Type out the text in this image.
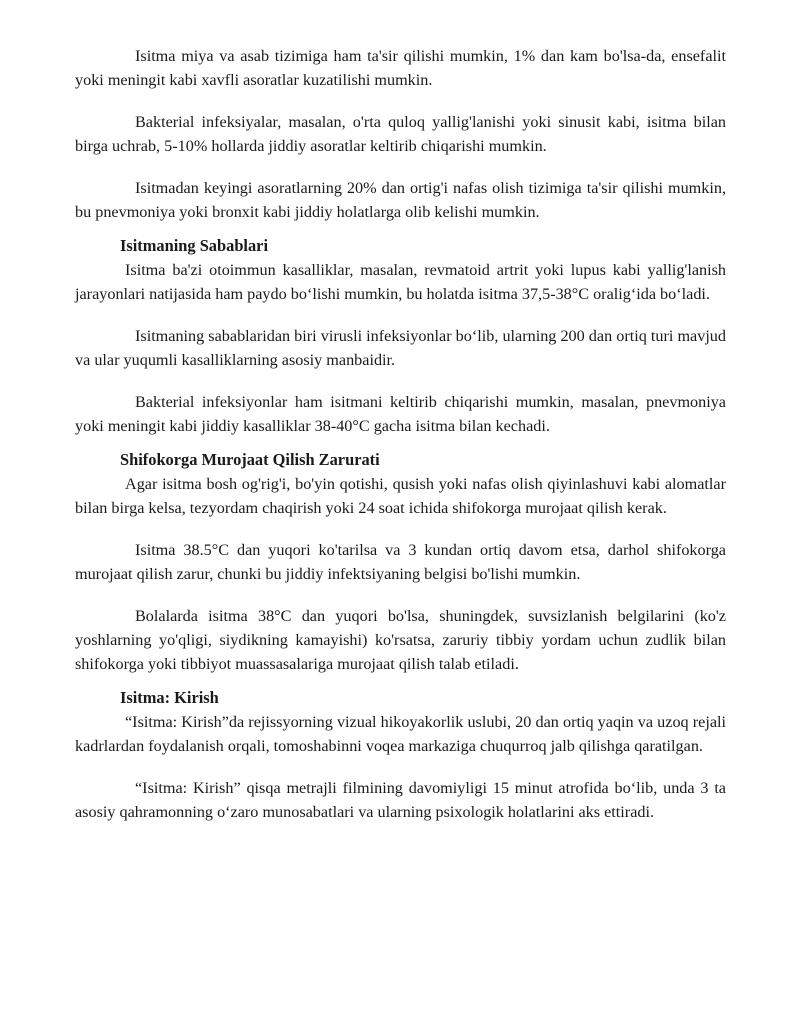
Isitma miya va asab tizimiga ham ta'sir qilishi mumkin, 1% dan kam bo'lsa-da, ensefalit yoki meningit kabi xavfli asoratlar kuzatilishi mumkin.

Bakterial infeksiyalar, masalan, o'rta quloq yallig'lanishi yoki sinusit kabi, isitma bilan birga uchrab, 5-10% hollarda jiddiy asoratlar keltirib chiqarishi mumkin.

Isitmadan keyingi asoratlarning 20% dan ortig'i nafas olish tizimiga ta'sir qilishi mumkin, bu pnevmoniya yoki bronxit kabi jiddiy holatlarga olib kelishi mumkin.

Isitmaning Sabablari

Isitma ba'zi otoimmun kasalliklar, masalan, revmatoid artrit yoki lupus kabi yallig'lanish jarayonlari natijasida ham paydo bo‘lishi mumkin, bu holatda isitma 37,5-38°C oralig‘ida bo‘ladi.

Isitmaning sabablaridan biri virusli infeksiyonlar bo‘lib, ularning 200 dan ortiq turi mavjud va ular yuqumli kasalliklarning asosiy manbaidir.

Bakterial infeksiyonlar ham isitmani keltirib chiqarishi mumkin, masalan, pnevmoniya yoki meningit kabi jiddiy kasalliklar 38-40°C gacha isitma bilan kechadi.

Shifokorga Murojaat Qilish Zarurati

Agar isitma bosh og'rig'i, bo'yin qotishi, qusish yoki nafas olish qiyinlashuvi kabi alomatlar bilan birga kelsa, tezyordam chaqirish yoki 24 soat ichida shifokorga murojaat qilish kerak.

Isitma 38.5°C dan yuqori ko'tarilsa va 3 kundan ortiq davom etsa, darhol shifokorga murojaat qilish zarur, chunki bu jiddiy infektsiyaning belgisi bo'lishi mumkin.

Bolalarda isitma 38°C dan yuqori bo'lsa, shuningdek, suvsizlanish belgilarini (ko'z yoshlarning yo'qligi, siydikning kamayishi) ko'rsatsa, zaruriy tibbiy yordam uchun zudlik bilan shifokorga yoki tibbiyot muassasalariga murojaat qilish talab etiladi.

Isitma: Kirish

“Isitma: Kirish”da rejissyorning vizual hikoyakorlik uslubi, 20 dan ortiq yaqin va uzoq rejali kadrlardan foydalanish orqali, tomoshabinni voqea markaziga chuqurroq jalb qilishga qaratilgan.

“Isitma: Kirish” qisqa metrajli filmining davomiyligi 15 minut atrofida bo‘lib, unda 3 ta asosiy qahramonning o‘zaro munosabatlari va ularning psixologik holatlarini aks ettiradi.
